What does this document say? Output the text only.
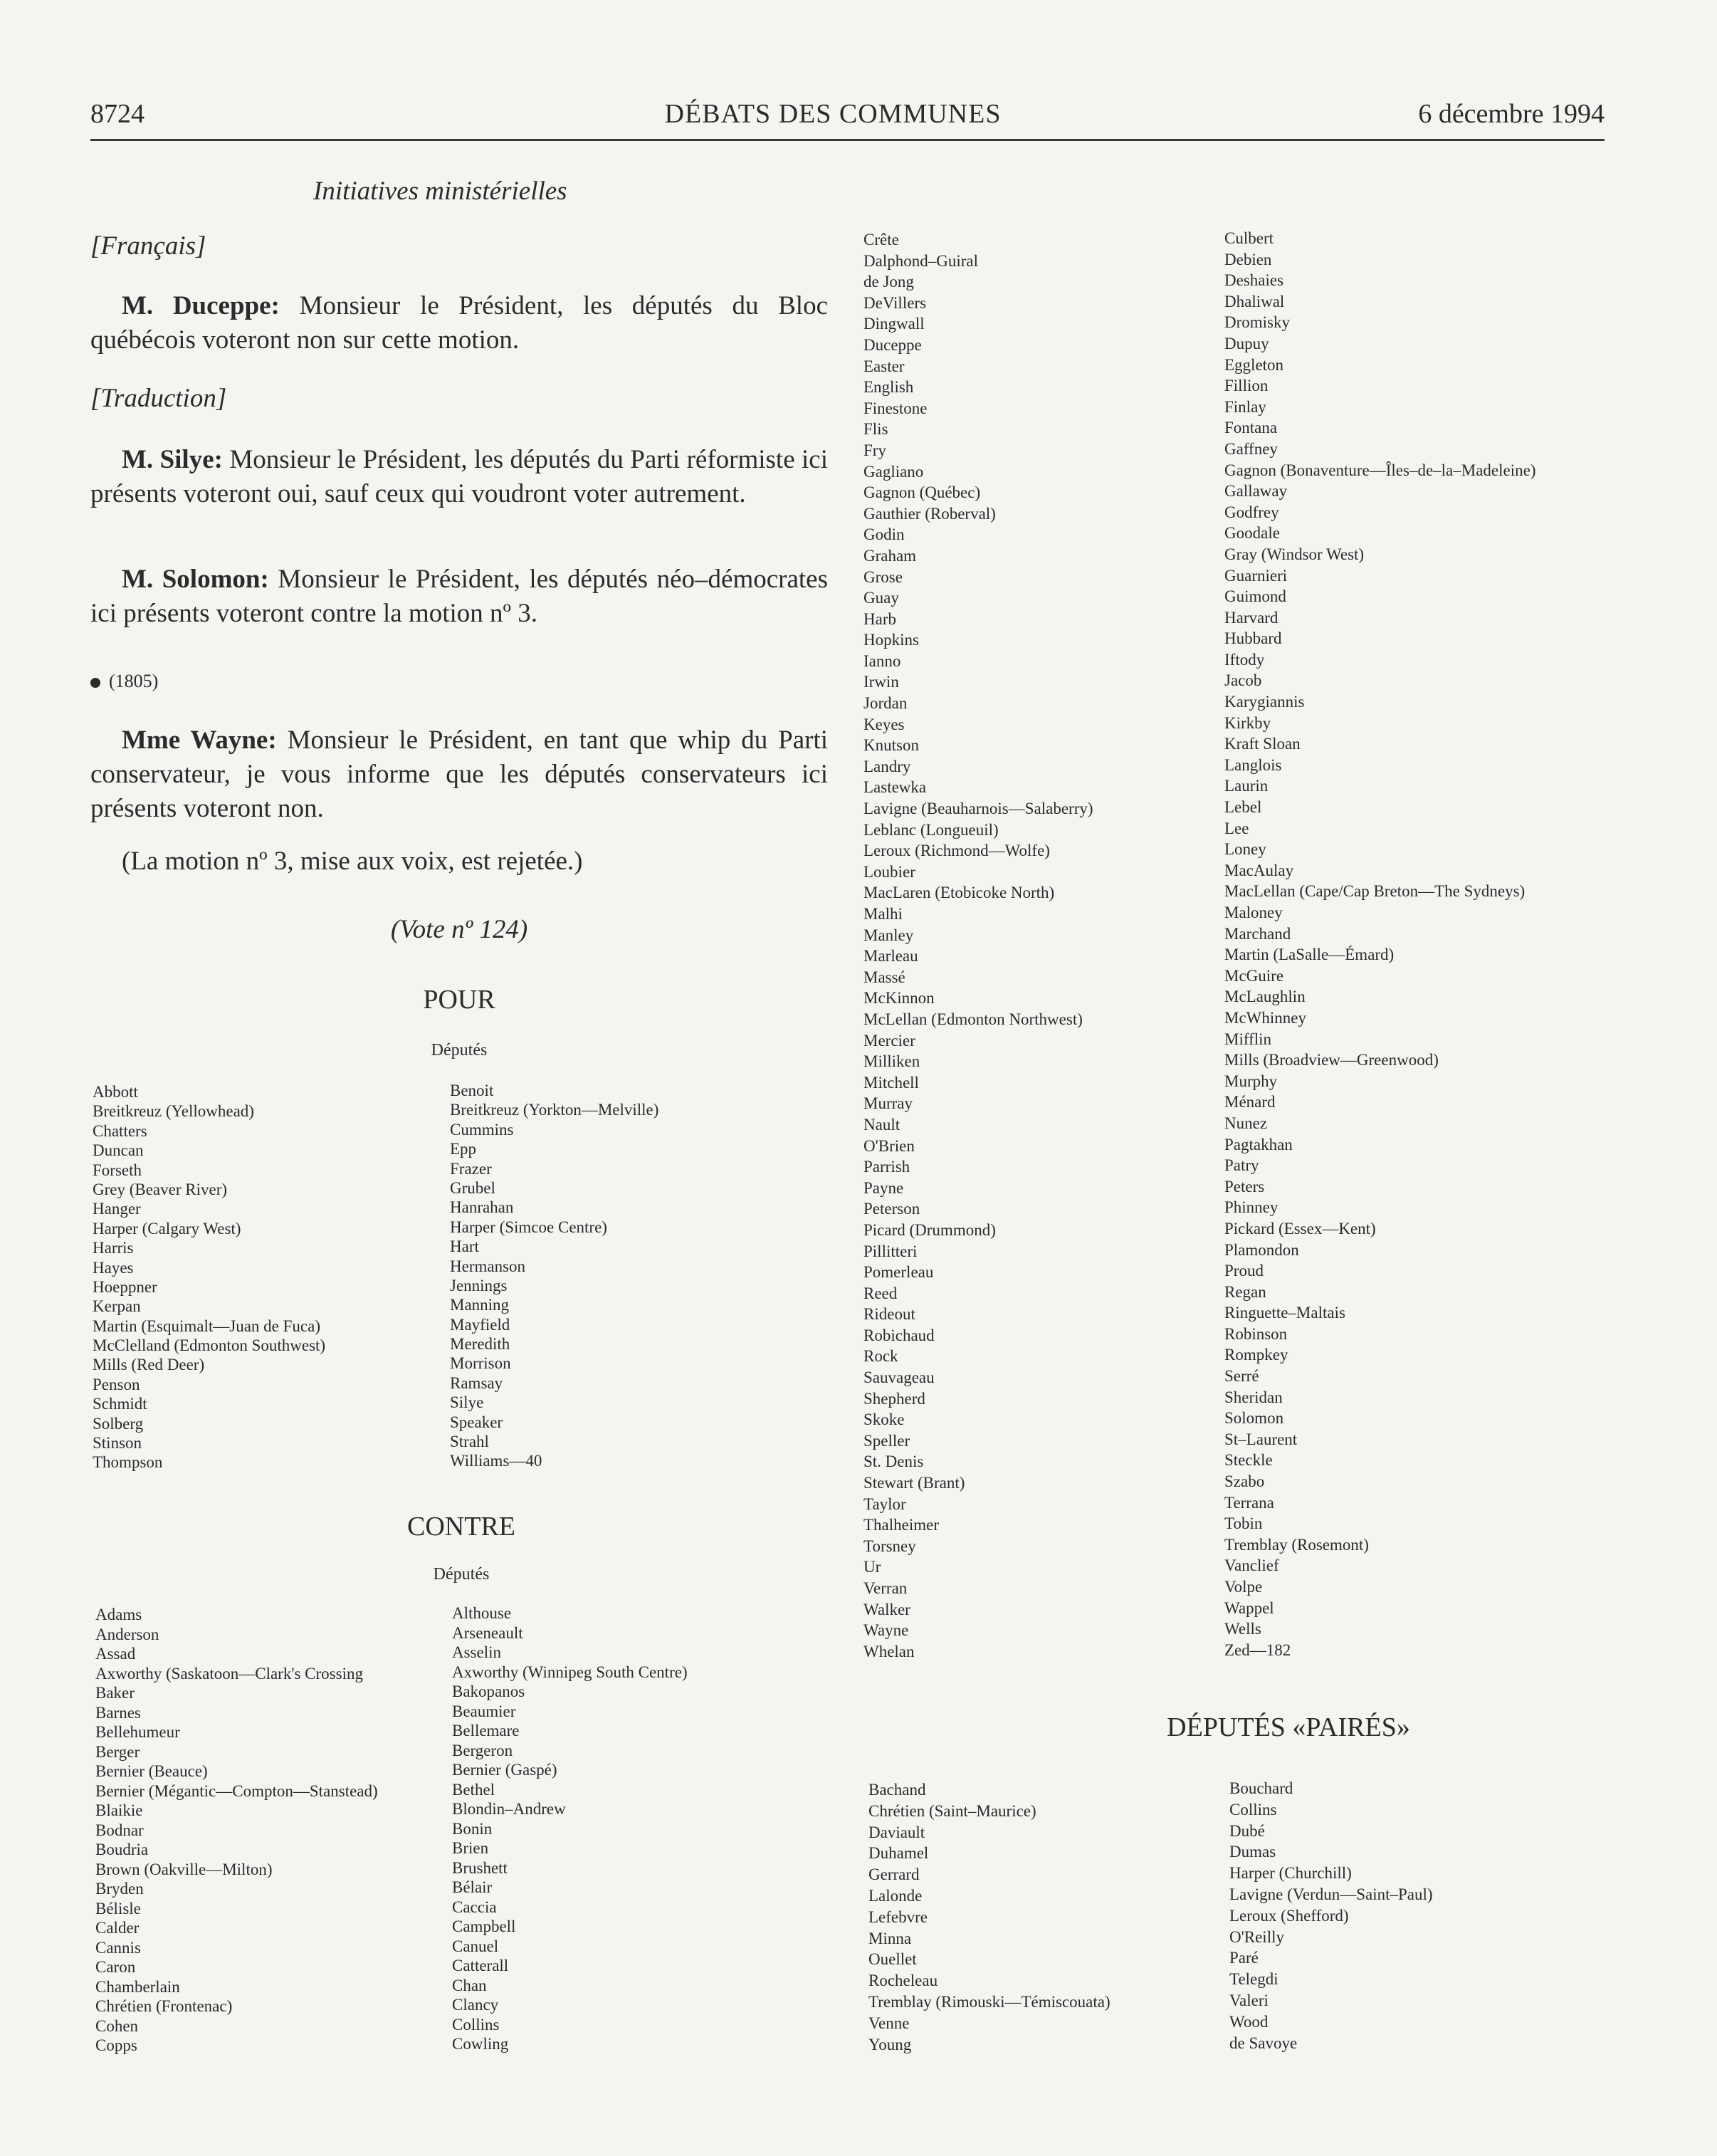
8724	DÉBATS DES COMMUNES	6 décembre 1994
Initiatives ministérielles
[Français]
M. Duceppe: Monsieur le Président, les députés du Bloc québécois voteront non sur cette motion.
[Traduction]
M. Silye: Monsieur le Président, les députés du Parti réformiste ici présents voteront oui, sauf ceux qui voudront voter autrement.
M. Solomon: Monsieur le Président, les députés néo–démocrates ici présents voteront contre la motion nº 3.
(1805)
Mme Wayne: Monsieur le Président, en tant que whip du Parti conservateur, je vous informe que les députés conservateurs ici présents voteront non.
(La motion nº 3, mise aux voix, est rejetée.)
(Vote nº 124)
POUR
Députés
Abbott
Breitkreuz (Yellowhead)
Chatters
Duncan
Forseth
Grey (Beaver River)
Hanger
Harper (Calgary West)
Harris
Hayes
Hoeppner
Kerpan
Martin (Esquimalt—Juan de Fuca)
McClelland (Edmonton Southwest)
Mills (Red Deer)
Penson
Schmidt
Solberg
Stinson
Thompson
Benoit
Breitkreuz (Yorkton—Melville)
Cummins
Epp
Frazer
Grubel
Hanrahan
Harper (Simcoe Centre)
Hart
Hermanson
Jennings
Manning
Mayfield
Meredith
Morrison
Ramsay
Silye
Speaker
Strahl
Williams—40
CONTRE
Députés
Adams
Anderson
Assad
Axworthy (Saskatoon—Clark's Crossing
Baker
Barnes
Bellehumeur
Berger
Bernier (Beauce)
Bernier (Mégantic—Compton—Stanstead)
Blaikie
Bodnar
Boudria
Brown (Oakville—Milton)
Bryden
Bélisle
Calder
Cannis
Caron
Chamberlain
Chrétien (Frontenac)
Cohen
Copps
Althouse
Arseneault
Asselin
Axworthy (Winnipeg South Centre)
Bakopanos
Beaumier
Bellemare
Bergeron
Bernier (Gaspé)
Bethel
Blondin–Andrew
Bonin
Brien
Brushett
Bélair
Caccia
Campbell
Canuel
Catterall
Chan
Clancy
Collins
Cowling
Crête
Dalphond–Guiral
de Jong
DeVillers
Dingwall
Duceppe
Easter
English
Finestone
Flis
Fry
Gagliano
Gagnon (Québec)
Gauthier (Roberval)
Godin
Graham
Grose
Guay
Harb
Hopkins
Ianno
Irwin
Jordan
Keyes
Knutson
Landry
Lastewka
Lavigne (Beauharnois—Salaberry)
Leblanc (Longueuil)
Leroux (Richmond—Wolfe)
Loubier
MacLaren (Etobicoke North)
Malhi
Manley
Marleau
Massé
McKinnon
McLellan (Edmonton Northwest)
Mercier
Milliken
Mitchell
Murray
Nault
O'Brien
Parrish
Payne
Peterson
Picard (Drummond)
Pillitteri
Pomerleau
Reed
Rideout
Robichaud
Rock
Sauvageau
Shepherd
Skoke
Speller
St. Denis
Stewart (Brant)
Taylor
Thalheimer
Torsney
Ur
Verran
Walker
Wayne
Whelan
Culbert
Debien
Deshaies
Dhaliwal
Dromisky
Dupuy
Eggleton
Fillion
Finlay
Fontana
Gaffney
Gagnon (Bonaventure—Îles–de–la–Madeleine)
Gallaway
Godfrey
Goodale
Gray (Windsor West)
Guarnieri
Guimond
Harvard
Hubbard
Iftody
Jacob
Karygiannis
Kirkby
Kraft Sloan
Langlois
Laurin
Lebel
Lee
Loney
MacAulay
MacLellan (Cape/Cap Breton—The Sydneys)
Maloney
Marchand
Martin (LaSalle—Émard)
McGuire
McLaughlin
McWhinney
Mifflin
Mills (Broadview—Greenwood)
Murphy
Ménard
Nunez
Pagtakhan
Patry
Peters
Phinney
Pickard (Essex—Kent)
Plamondon
Proud
Regan
Ringuette–Maltais
Robinson
Rompkey
Serré
Sheridan
Solomon
St–Laurent
Steckle
Szabo
Terrana
Tobin
Tremblay (Rosemont)
Vanclief
Volpe
Wappel
Wells
Zed—182
DÉPUTÉS «PAIRÉS»
Bachand
Chrétien (Saint–Maurice)
Daviault
Duhamel
Gerrard
Lalonde
Lefebvre
Minna
Ouellet
Rocheleau
Tremblay (Rimouski—Témiscouata)
Venne
Young
Bouchard
Collins
Dubé
Dumas
Harper (Churchill)
Lavigne (Verdun—Saint–Paul)
Leroux (Shefford)
O'Reilly
Paré
Telegdi
Valeri
Wood
de Savoye
